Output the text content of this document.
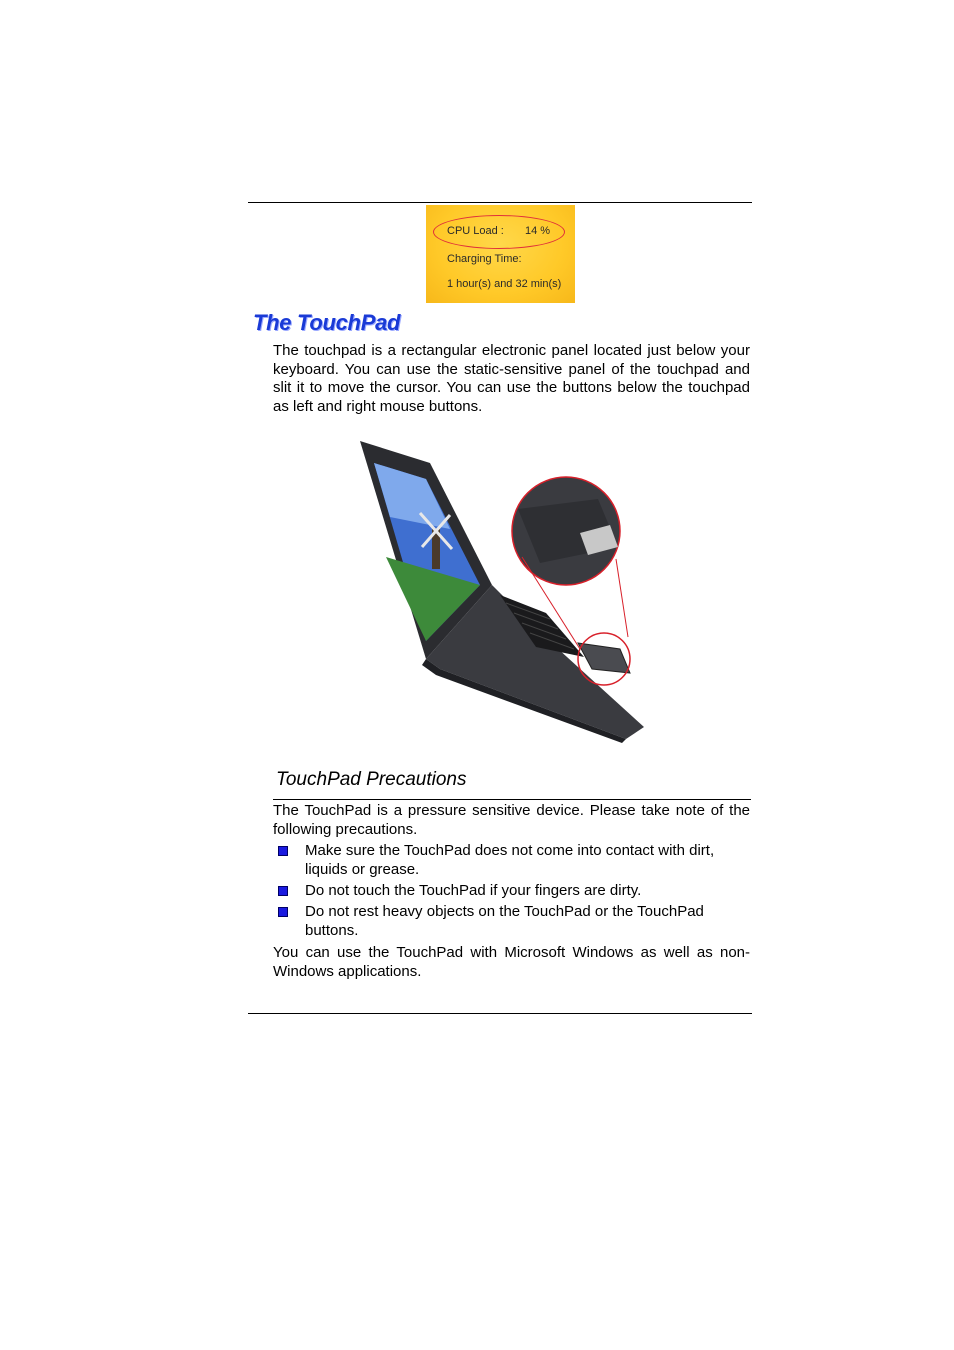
CPU Load : 14 %
Charging Time:
1 hour(s) and 32 min(s)
The TouchPad

The touchpad is a rectangular electronic panel located just below your keyboard. You can use the static-sensitive panel of the touchpad and slit it to move the cursor. You can use the buttons below the touchpad as left and right mouse buttons.

TouchPad Precautions

The TouchPad is a pressure sensitive device. Please take note of the following precautions.

Make sure the TouchPad does not come into contact with dirt, liquids or grease.

Do not touch the TouchPad if your fingers are dirty.

Do not rest heavy objects on the TouchPad or the TouchPad buttons.

You can use the TouchPad with Microsoft Windows as well as non-Windows applications.
